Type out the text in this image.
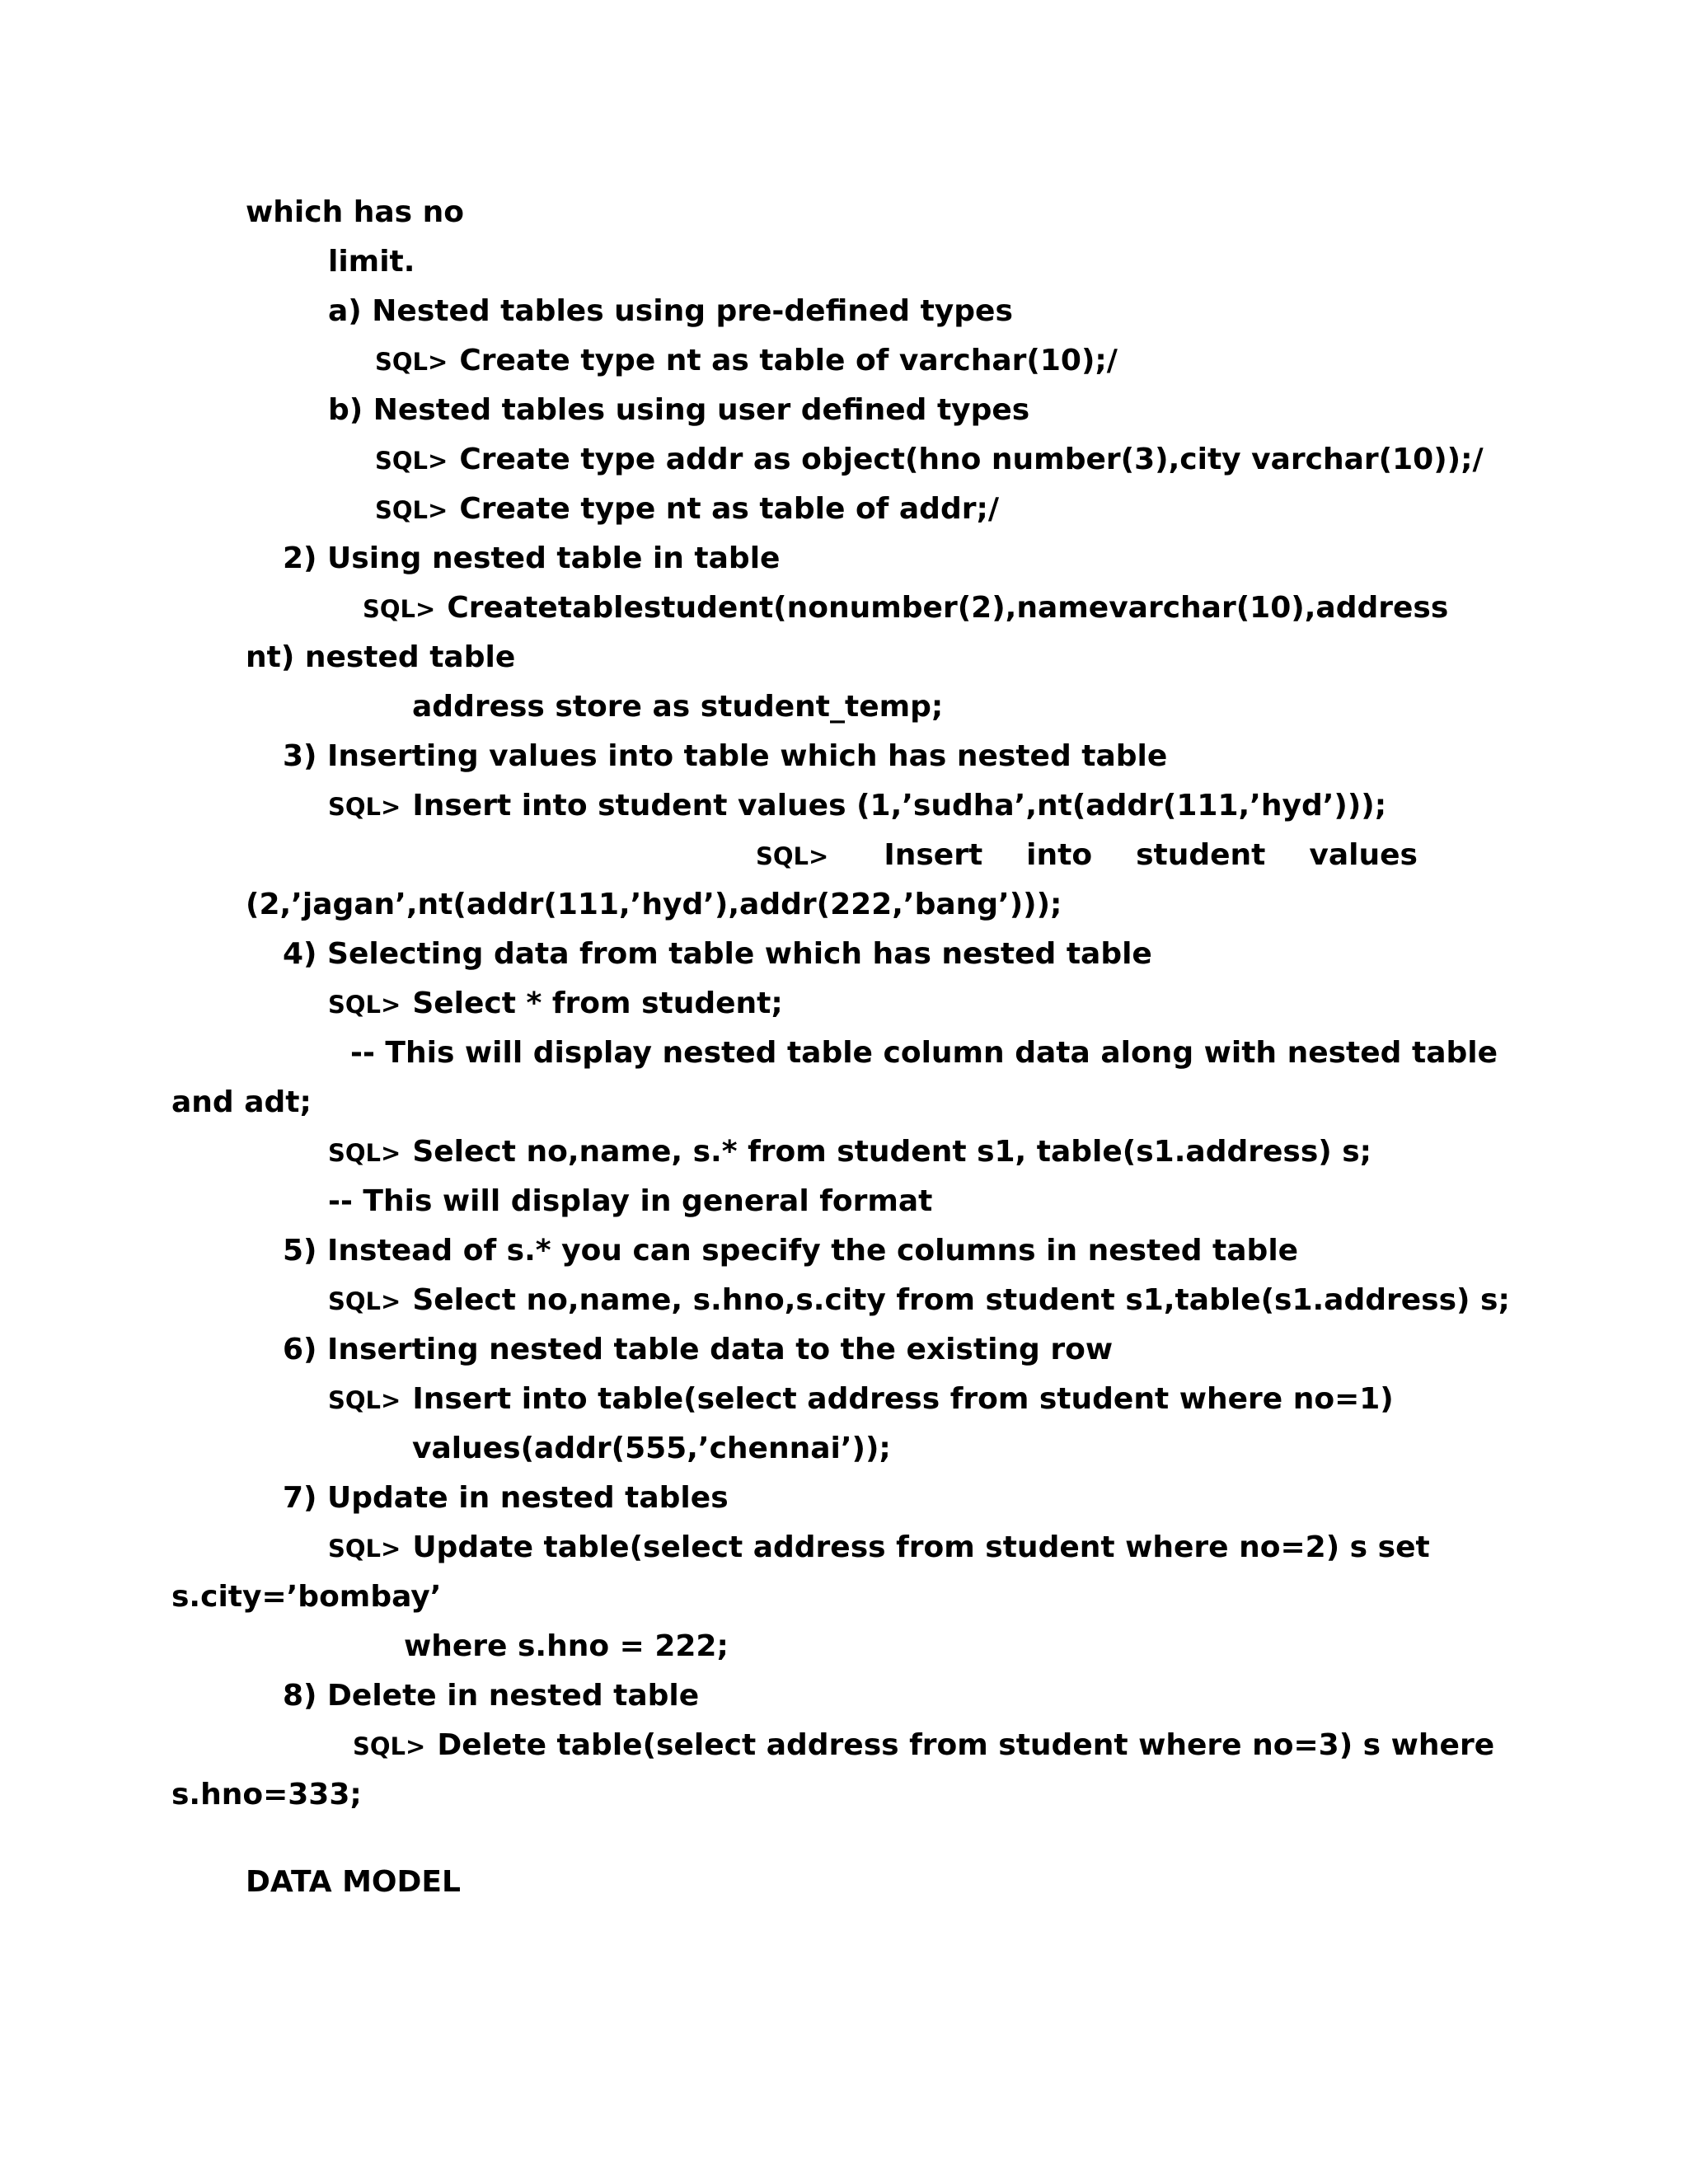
which has no
limit.
a) Nested tables using pre-defined types
SQL> Create type nt as table of varchar(10);/
b) Nested tables using user defined types
SQL> Create type addr as object(hno number(3),city varchar(10));/
SQL> Create type nt as table of addr;/
2) Using nested table in table
SQL> Create table student(no number(2),name varchar(10),address
nt) nested table
address store as student_temp;
3) Inserting values into table which has nested table
SQL> Insert into student values (1,’sudha’,nt(addr(111,’hyd’)));
SQL> Insert into student values
(2,’jagan’,nt(addr(111,’hyd’),addr(222,’bang’)));
4) Selecting data from table which has nested table
SQL> Select * from student;
-- This will display nested table column data along with nested table
and adt;
SQL> Select no,name, s.* from student s1, table(s1.address) s;
-- This will display in general format
5) Instead of s.* you can specify the columns in nested table
SQL> Select no,name, s.hno,s.city from student s1,table(s1.address) s;
6) Inserting nested table data to the existing row
SQL> Insert into table(select address from student where no=1)
values(addr(555,’chennai’));
7) Update in nested tables
SQL> Update table(select address from student where no=2) s set
s.city=’bombay’
where s.hno = 222;
8) Delete in nested table
SQL> Delete table(select address from student where no=3) s where
s.hno=333;
DATA MODEL
